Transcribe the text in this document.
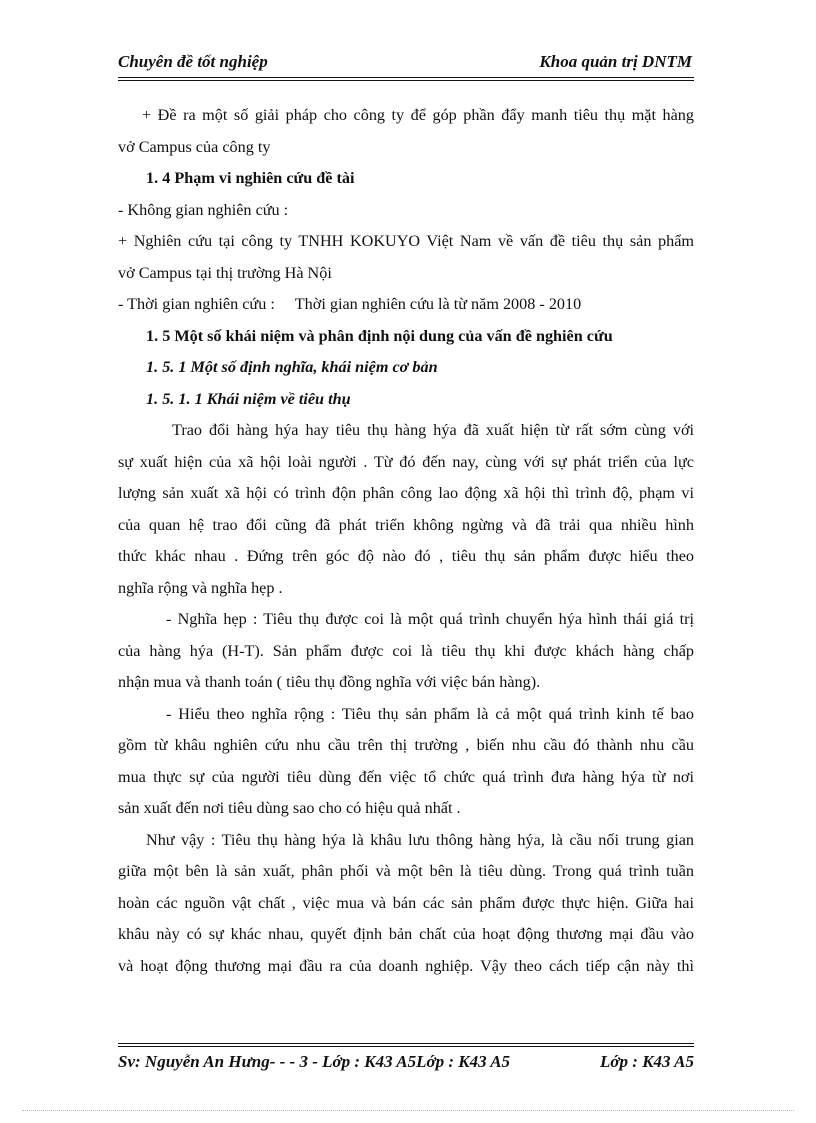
Chuyên đề tốt nghiệp	Khoa quản trị DNTM
+ Đề ra một số giải pháp cho công ty để góp phần đẩy manh tiêu thụ mặt hàng
vở Campus của công ty
1. 4 Phạm vi nghiên cứu đề tài
- Không gian nghiên cứu :
+ Nghiên cứu tại công ty TNHH KOKUYO Việt Nam về vấn đề tiêu thụ sản phẩm
vở Campus tại thị trường Hà Nội
- Thời gian nghiên cứu :     Thời gian nghiên cứu là từ năm 2008 - 2010
1. 5 Một số khái niệm và phân định nội dung của vấn đề nghiên cứu
1. 5. 1 Một số định nghĩa, khái niệm cơ bản
1. 5. 1. 1 Khái niệm về tiêu thụ
Trao đổi hàng hýa hay tiêu thụ hàng hýa đã xuất hiện từ rất sớm cùng với
sự xuất hiện của xã hội loài người . Từ đó đến nay, cùng với sự phát triển của lực
lượng sản xuất xã hội có trình độn phân công lao động xã hội thì trình độ, phạm vi
của quan hệ trao đổi cũng đã phát triển không ngừng và đã trải qua nhiều hình
thức khác nhau . Đứng trên góc độ nào đó , tiêu thụ sản phẩm được hiểu theo
nghĩa rộng và nghĩa hẹp .
- Nghĩa hẹp : Tiêu thụ được coi là một quá trình chuyển hýa hình thái giá trị
của hàng hýa (H-T). Sản phẩm được coi là tiêu thụ khi được khách hàng chấp
nhận mua và thanh toán ( tiêu thụ đồng nghĩa với việc bán hàng).
- Hiểu theo nghĩa rộng : Tiêu thụ sản phẩm là cả một quá trình kinh tế bao
gồm từ khâu nghiên cứu nhu cầu trên thị trường , biến nhu cầu đó thành nhu cầu
mua thực sự của người tiêu dùng đến việc tổ chức quá trình đưa hàng hýa từ nơi
sản xuất đến nơi tiêu dùng sao cho có hiệu quả nhất .
Như vậy : Tiêu thụ hàng hýa là khâu lưu thông hàng hýa, là cầu nối trung gian
giữa một bên là sản xuất, phân phối và một bên là tiêu dùng. Trong quá trình tuần
hoàn các nguồn vật chất , việc mua và bán các sản phẩm được thực hiện. Giữa hai
khâu này có sự khác nhau, quyết định bản chất của hoạt động thương mại đầu vào
và hoạt động thương mại đầu ra của doanh nghiệp. Vậy theo cách tiếp cận này thì
Sv: Nguyễn An Hưng- - - 3 - Lớp : K43 A5Lớp : K43 A5	Lớp : K43 A5
